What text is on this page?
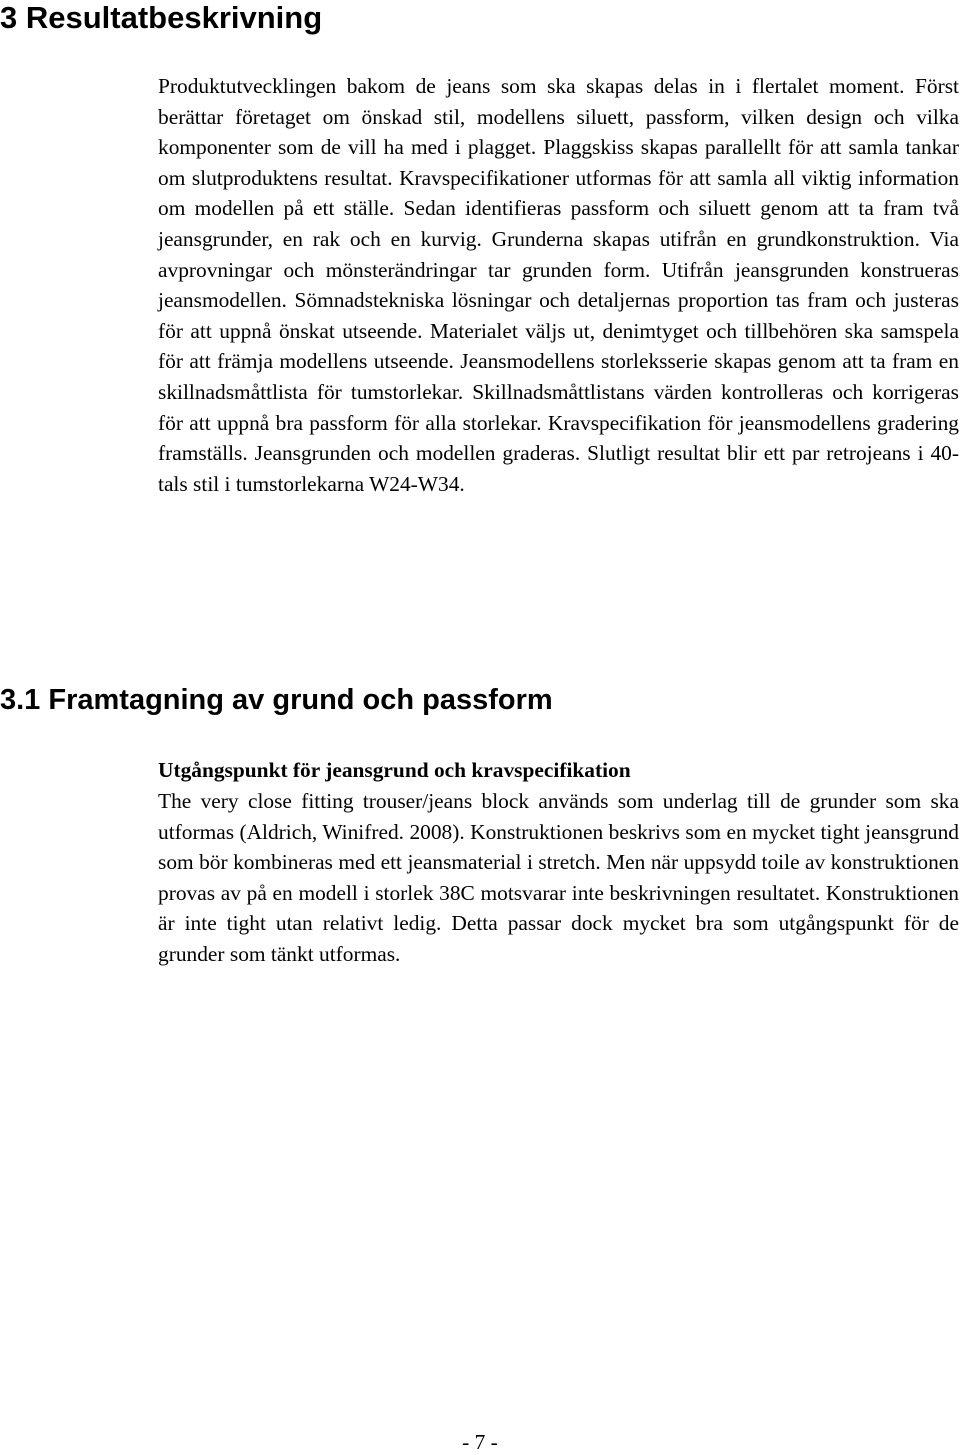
3 Resultatbeskrivning

Produktutvecklingen bakom de jeans som ska skapas delas in i flertalet moment. Först berättar företaget om önskad stil, modellens siluett, passform, vilken design och vilka komponenter som de vill ha med i plagget. Plaggskiss skapas parallellt för att samla tankar om slutproduktens resultat. Kravspecifikationer utformas för att samla all viktig information om modellen på ett ställe. Sedan identifieras passform och siluett genom att ta fram två jeansgrunder, en rak och en kurvig. Grunderna skapas utifrån en grundkonstruktion. Via avprovningar och mönsterändringar tar grunden form. Utifrån jeansgrunden konstrueras jeansmodellen. Sömnadstekniska lösningar och detaljernas proportion tas fram och justeras för att uppnå önskat utseende. Materialet väljs ut, denimtyget och tillbehören ska samspela för att främja modellens utseende. Jeansmodellens storleksserie skapas genom att ta fram en skillnadsmåttlista för tumstorlekar. Skillnadsmåttlistans värden kontrolleras och korrigeras för att uppnå bra passform för alla storlekar. Kravspecifikation för jeansmodellens gradering framställs. Jeansgrunden och modellen graderas. Slutligt resultat blir ett par retrojeans i 40-tals stil i tumstorlekarna W24-W34.

3.1 Framtagning av grund och passform

Utgångspunkt för jeansgrund och kravspecifikation

The very close fitting trouser/jeans block används som underlag till de grunder som ska utformas (Aldrich, Winifred. 2008). Konstruktionen beskrivs som en mycket tight jeansgrund som bör kombineras med ett jeansmaterial i stretch. Men när uppsydd toile av konstruktionen provas av på en modell i storlek 38C motsvarar inte beskrivningen resultatet. Konstruktionen är inte tight utan relativt ledig. Detta passar dock mycket bra som utgångspunkt för de grunder som tänkt utformas.

- 7 -
